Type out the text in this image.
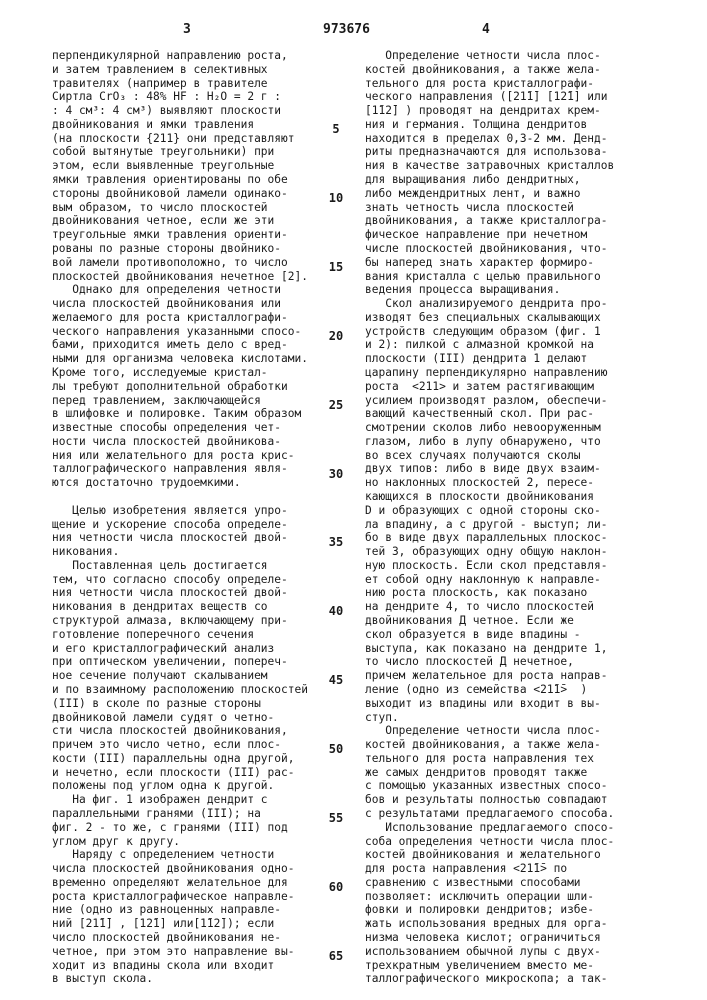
3	973676	4

перпендикулярной направлению роста,

и затем травлением в селективных

травителях (например в травителе

Сиртла CrO₃ : 48% HF : H₂O = 2 г :

: 4 см³: 4 см³) выявляют плоскости

двойникования и ямки травления

(на плоскости {211} они представляют

собой вытянутые треугольники) при

этом, если выявленные треугольные

ямки травления ориентированы по обе

стороны двойниковой ламели одинако-

вым образом, то число плоскостей

двойникования четное, если же эти

треугольные ямки травления ориенти-

рованы по разные стороны двойнико-

вой ламели противоположно, то число

плоскостей двойникования нечетное [2].

Однако для определения четности

числа плоскостей двойникования или

желаемого для роста кристаллографи-

ческого направления указанными спосо-

бами, приходится иметь дело с вред-

ными для организма человека кислотами.

Кроме того, исследуемые кристал-

лы требуют дополнительной обработки

перед травлением, заключающейся

в шлифовке и полировке. Таким образом

известные способы определения чет-

ности числа плоскостей двойникова-

ния или желательного для роста крис-

таллографического направления явля-

ются достаточно трудоемкими.

Целью изобретения является упро-

щение и ускорение способа определе-

ния четности числа плоскостей двой-

никования.

Поставленная цель достигается

тем, что согласно способу определе-

ния четности числа плоскостей двой-

никования в дендритах веществ со

структурой алмаза, включающему при-

готовление поперечного сечения

и его кристаллографический анализ

при оптическом увеличении, попереч-

ное сечение получают скалыванием

и по взаимному расположению плоскостей

(III) в сколе по разные стороны

двойниковой ламели судят о четно-

сти числа плоскостей двойникования,

причем это число четно, если плос-

кости (III) параллельны одна другой,

и нечетно, если плоскости (III) рас-

положены под углом одна к другой.

На фиг. 1 изображен дендрит с

параллельными гранями (III); на

фиг. 2 - то же, с гранями (III) под

углом друг к другу.

Наряду с определением четности

числа плоскостей двойникования одно-

временно определяют желательное для

роста кристаллографическое направле-

ние (одно из равноценных направле-

ний [21̄1̄] , [12̄1] или[1̄12̄]); если

число плоскостей двойникования не-

четное, при этом это направление вы-

ходит из впадины скола или входит

в выступ скола.

5
10
15
20
25
30
35
40
45
50
55
60
65

Определение четности числа плос-

костей двойникования, а также жела-

тельного для роста кристаллографи-

ческого направления ([21̄1̄] [12̄1] или

[1̄12̄] ) проводят на дендритах крем-

ния и германия. Толщина дендритов

находится в пределах 0,3-2 мм. Денд-

риты предназначаются для использова-

ния в качестве затравочных кристаллов

для выращивания либо дендритных,

либо междендритных лент, и важно

знать четность числа плоскостей

двойникования, а также кристаллогра-

фическое направление при нечетном

числе плоскостей двойникования, что-

бы наперед знать характер формиро-

вания кристалла с целью правильного

ведения процесса выращивания.

Скол анализируемого дендрита про-

изводят без специальных скалывающих

устройств следующим образом (фиг. 1

и 2): пилкой с алмазной кромкой на

плоскости (III) дендрита 1 делают

царапину перпендикулярно направлению

роста  <211> и затем растягивающим

усилием производят разлом, обеспечи-

вающий качественный скол. При рас-

смотрении сколов либо невооруженным

глазом, либо в лупу обнаружено, что

во всех случаях получаются сколы

двух типов: либо в виде двух взаим-

но наклонных плоскостей 2, пересе-

кающихся в плоскости двойникования

D и образующих с одной стороны ско-

ла впадину, а с другой - выступ; ли-

бо в виде двух параллельных плоскос-

тей 3, образующих одну общую наклон-

ную плоскость. Если скол представля-

ет собой одну наклонную к направле-

нию роста плоскость, как показано

на дендрите 4, то число плоскостей

двойникования Д четное. Если же

скол образуется в виде впадины -

выступа, как показано на дендрите 1,

то число плоскостей Д нечетное,

причем желательное для роста направ-

ление (одно из семейства <21̄1̄>  )

выходит из впадины или входит в вы-

ступ.

Определение четности числа плос-

костей двойникования, а также жела-

тельного для роста направления тех

же самых дендритов проводят также

с помощью указанных известных спосо-

бов и результаты полностью совпадают

с результатами предлагаемого способа.

Использование предлагаемого спосо-

соба определения четности числа плос-

костей двойникования и желательного

для роста направления <21̄1̄> по

сравнению с известными способами

позволяет: исключить операции шли-

фовки и полировки дендритов; избе-

жать использования вредных для орга-

низма человека кислот; ограничиться

использованием обычной лупы с двух-

трехкратным увеличением вместо ме-

таллографического микроскопа; а так-
